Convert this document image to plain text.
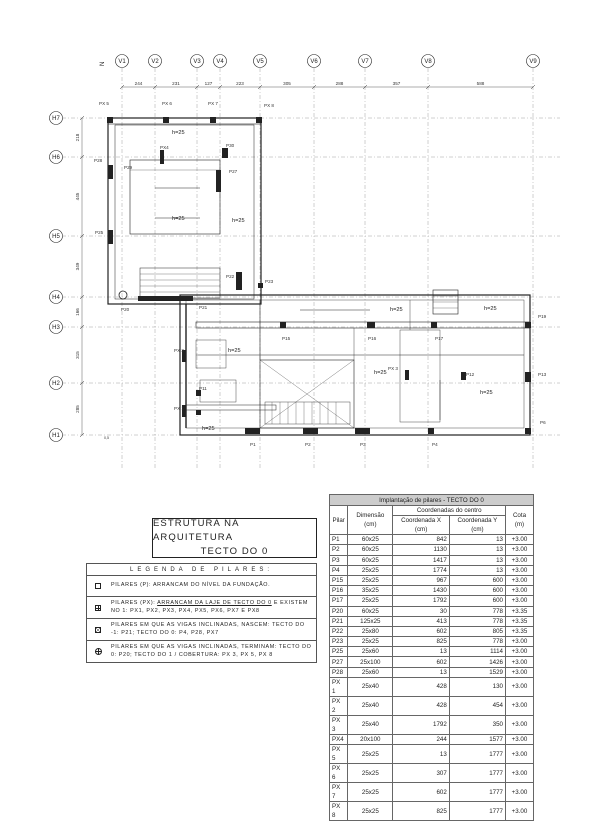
V1	V2	V3	V4	V5	V6	V7	V8	V9
H7
H6
H5
H4
H3
H2
H1
244	231	127	223	305	288	357	588
218
445
349
166
315
285
0,5
N
PX 5	PX 6	PX 7	PX 8
PX4	P30
P29
P28
P27
P25
P22
P23
P20	P21
PX 2
P15	P16	P17
P19
PX 3
P13
P12
P11
PX 1
P1	P2	P3	P4
P6
h=25
h=25	h=25
h=25
h=25
h=25	h=25
h=25
h=25
ESTRUTURA NA ARQUITETURA
TECTO DO 0
LEGENDA DE PILARES:
PILARES (P): ARRANCAM DO NÍVEL DA FUNDAÇÃO.
PILARES (PX): ARRANCAM DA LAJE DE TECTO DO 0 E EXISTEM NO 1: PX1, PX2, PX3, PX4, PX5, PX6, PX7 E PX8
PILARES EM QUE AS VIGAS INCLINADAS, NASCEM: TECTO DO -1: P21; TECTO DO 0: P4, P28, PX7
PILARES EM QUE AS VIGAS INCLINADAS, TERMINAM: TECTO DO 0: P20; TECTO DO 1 / COBERTURA: PX 3, PX 5, PX 8
Implantação de pilares - TECTO DO 0				
Pilar	Dimensão (cm)	Coordenadas do centro		Cota (m)
		Coordenada X (cm)	Coordenada Y (cm)	
P1	60x25	842	13	+3.00
P2	60x25	1130	13	+3.00
P3	60x25	1417	13	+3.00
P4	25x25	1774	13	+3.00
P15	25x25	967	600	+3.00
P16	35x25	1430	600	+3.00
P17	25x25	1792	600	+3.00
P20	60x25	30	778	+3.35
P21	125x25	413	778	+3.35
P22	25x80	602	805	+3.35
P23	25x25	825	778	+3.00
P25	25x60	13	1114	+3.00
P27	25x100	602	1426	+3.00
P28	25x60	13	1529	+3.00
PX 1	25x40	428	130	+3.00
PX 2	25x40	428	454	+3.00
PX 3	25x40	1792	350	+3.00
PX4	20x100	244	1577	+3.00
PX 5	25x25	13	1777	+3.00
PX 6	25x25	307	1777	+3.00
PX 7	25x25	602	1777	+3.00
PX 8	25x25	825	1777	+3.00
